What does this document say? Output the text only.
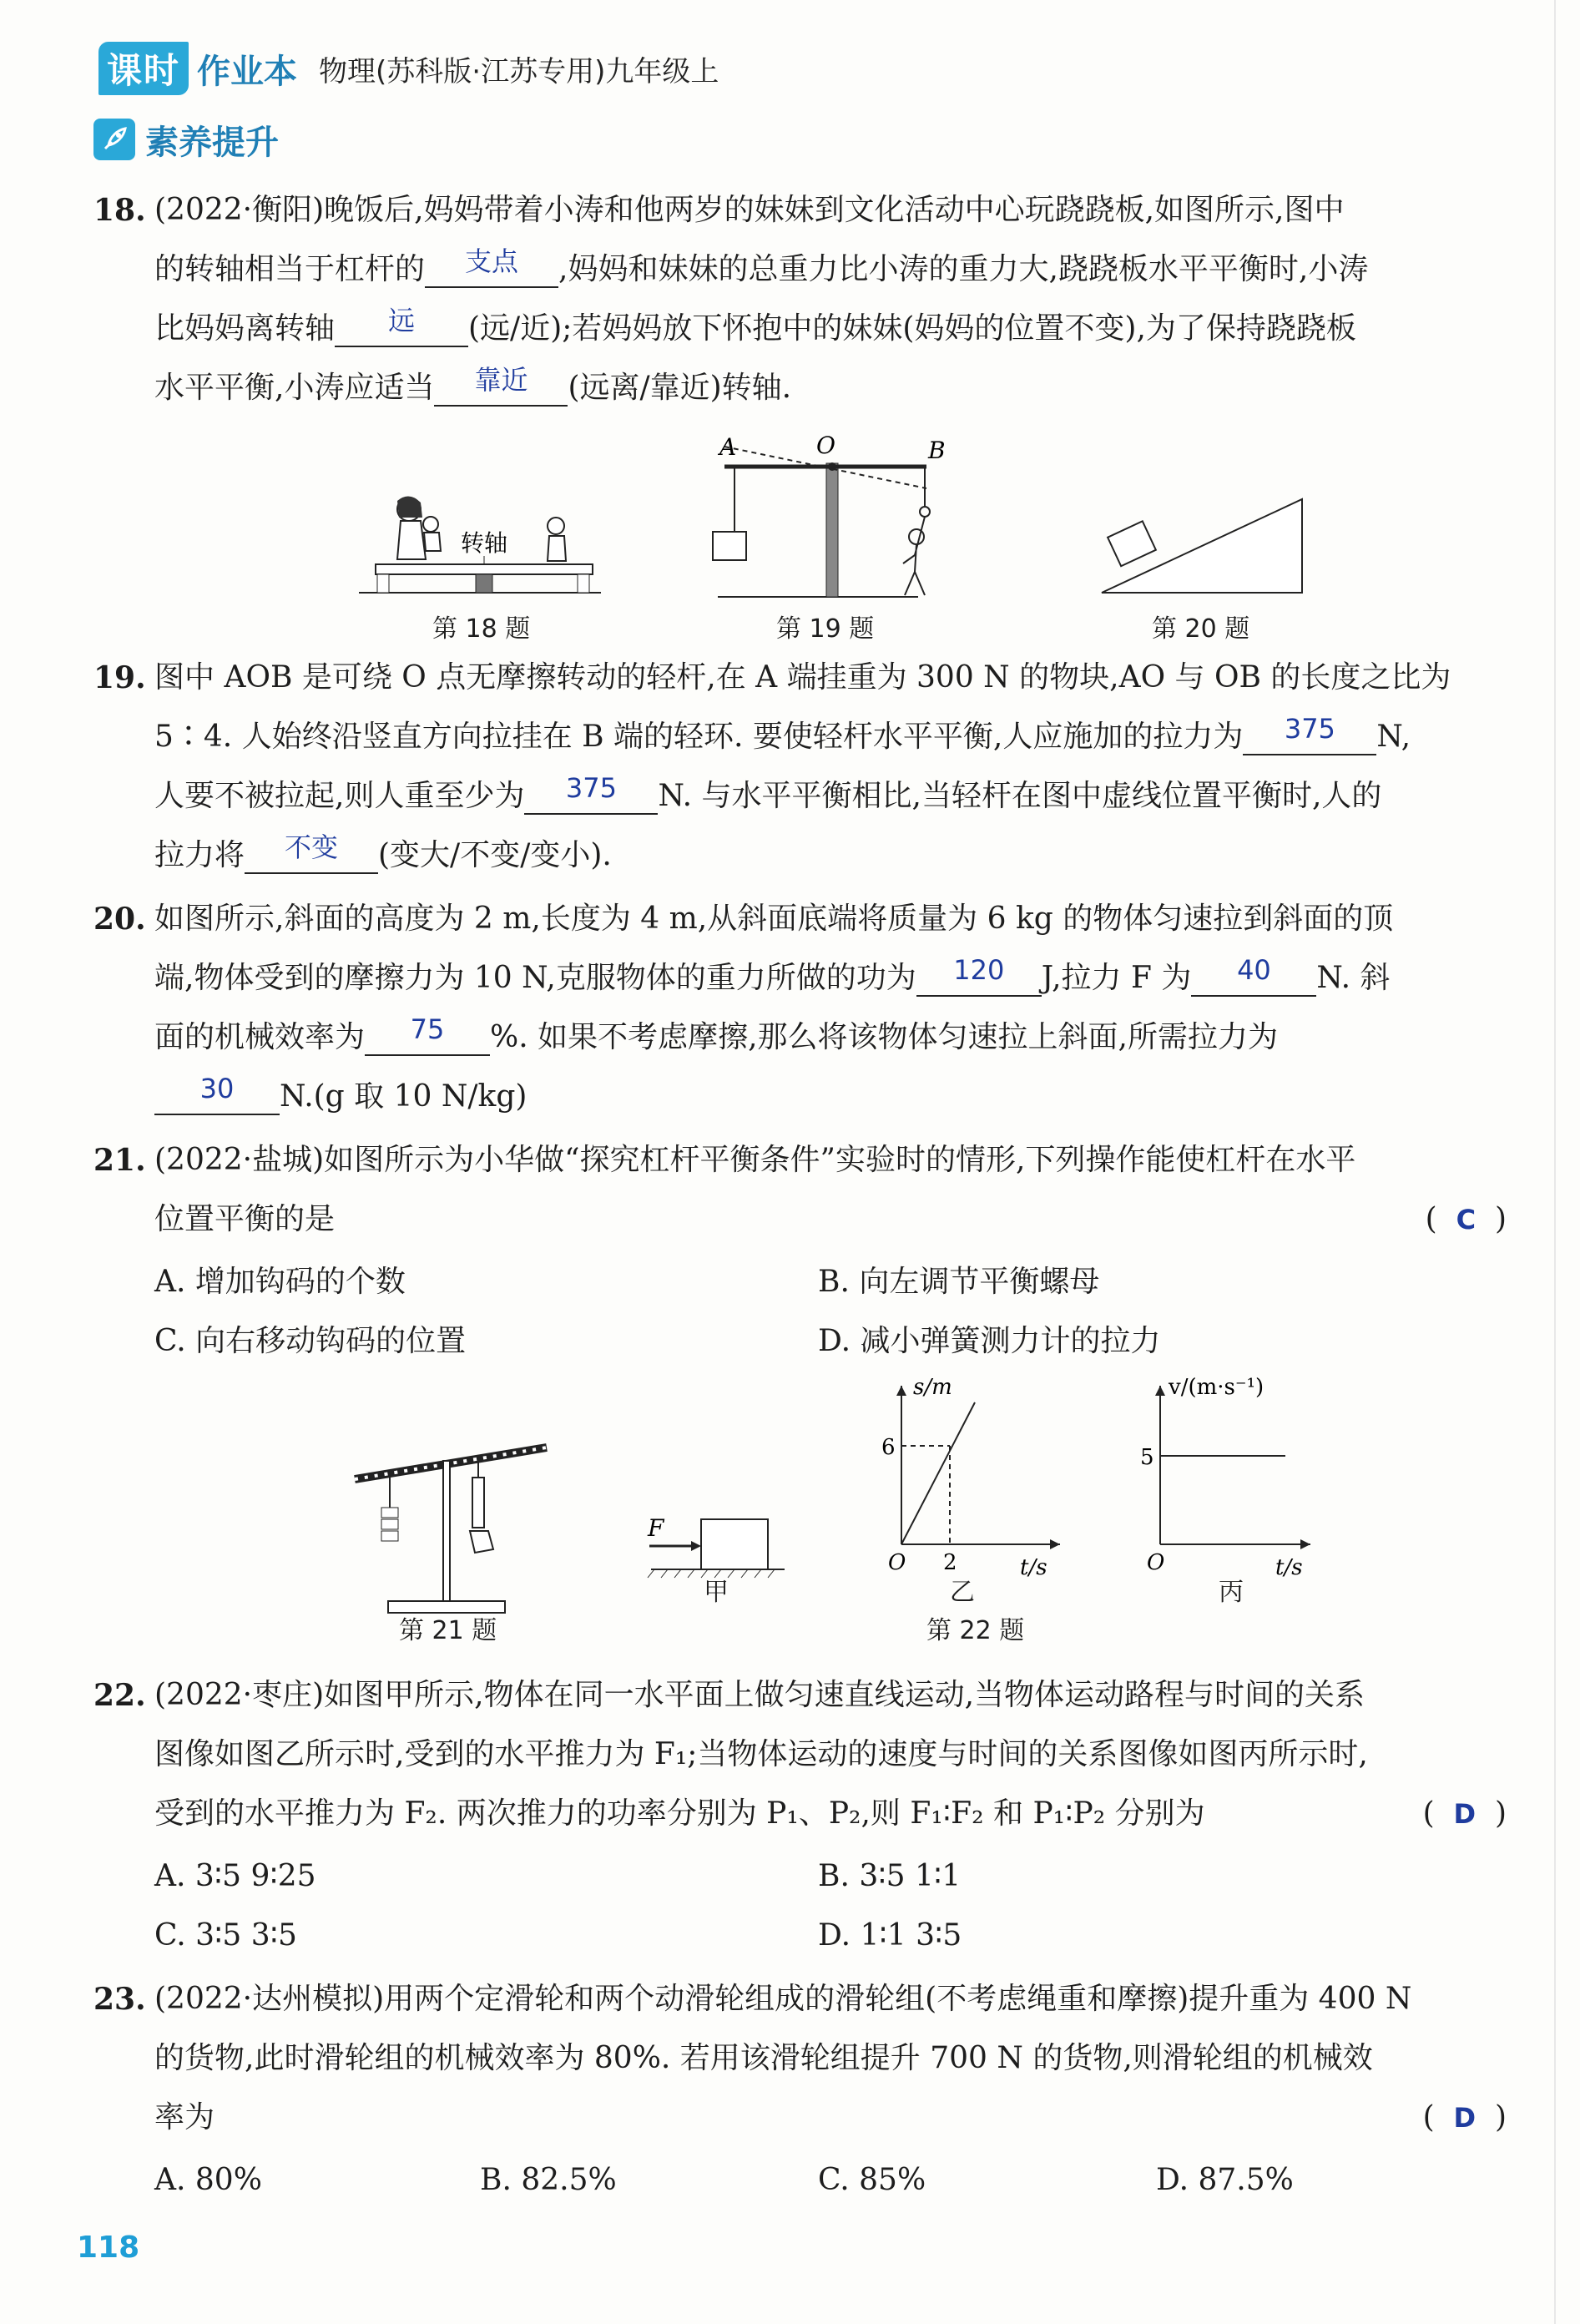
课时 作业本 物理(苏科版·江苏专用)九年级上
素养提升
18. (2022·衡阳)晚饭后,妈妈带着小涛和他两岁的妹妹到文化活动中心玩跷跷板,如图所示,图中
的转轴相当于杠杆的 支点 ,妈妈和妹妹的总重力比小涛的重力大,跷跷板水平平衡时,小涛
比妈妈离转轴 远 (远/近);若妈妈放下怀抱中的妹妹(妈妈的位置不变),为了保持跷跷板
水平平衡,小涛应适当 靠近 (远离/靠近)转轴.
转轴
第 18 题
A	O	B
第 19 题	第 20 题
19. 图中 AOB 是可绕 O 点无摩擦转动的轻杆,在 A 端挂重为 300 N 的物块,AO 与 OB 的长度之比为
5∶4. 人始终沿竖直方向拉挂在 B 端的轻环. 要使轻杆水平平衡,人应施加的拉力为 375 N,
人要不被拉起,则人重至少为 375 N. 与水平平衡相比,当轻杆在图中虚线位置平衡时,人的
拉力将 不变 (变大/不变/变小).
20. 如图所示,斜面的高度为 2 m,长度为 4 m,从斜面底端将质量为 6 kg 的物体匀速拉到斜面的顶
端,物体受到的摩擦力为 10 N,克服物体的重力所做的功为 120 J,拉力 F 为 40 N. 斜
面的机械效率为 75 %. 如果不考虑摩擦,那么将该物体匀速拉上斜面,所需拉力为
30 N.(g 取 10 N/kg)
21. (2022·盐城)如图所示为小华做“探究杠杆平衡条件”实验时的情形,下列操作能使杠杆在水平
位置平衡的是	(  C  )
A. 增加钩码的个数	B. 向左调节平衡螺母
C. 向右移动钩码的位置	D. 减小弹簧测力计的拉力
第 21 题
F
甲
s/m
6
O 2	t/s
乙
v/(m·s⁻¹)
5
O	t/s
丙
第 22 题
22. (2022·枣庄)如图甲所示,物体在同一水平面上做匀速直线运动,当物体运动路程与时间的关系
图像如图乙所示时,受到的水平推力为 F₁;当物体运动的速度与时间的关系图像如图丙所示时,
受到的水平推力为 F₂. 两次推力的功率分别为 P₁、P₂,则 F₁∶F₂ 和 P₁∶P₂ 分别为	(  D  )
A. 3∶5 9∶25	B. 3∶5 1∶1
C. 3∶5 3∶5	D. 1∶1 3∶5
23. (2022·达州模拟)用两个定滑轮和两个动滑轮组成的滑轮组(不考虑绳重和摩擦)提升重为 400 N
的货物,此时滑轮组的机械效率为 80%. 若用该滑轮组提升 700 N 的货物,则滑轮组的机械效
率为	(  D  )
A. 80%	B. 82.5%	C. 85%	D. 87.5%
118
